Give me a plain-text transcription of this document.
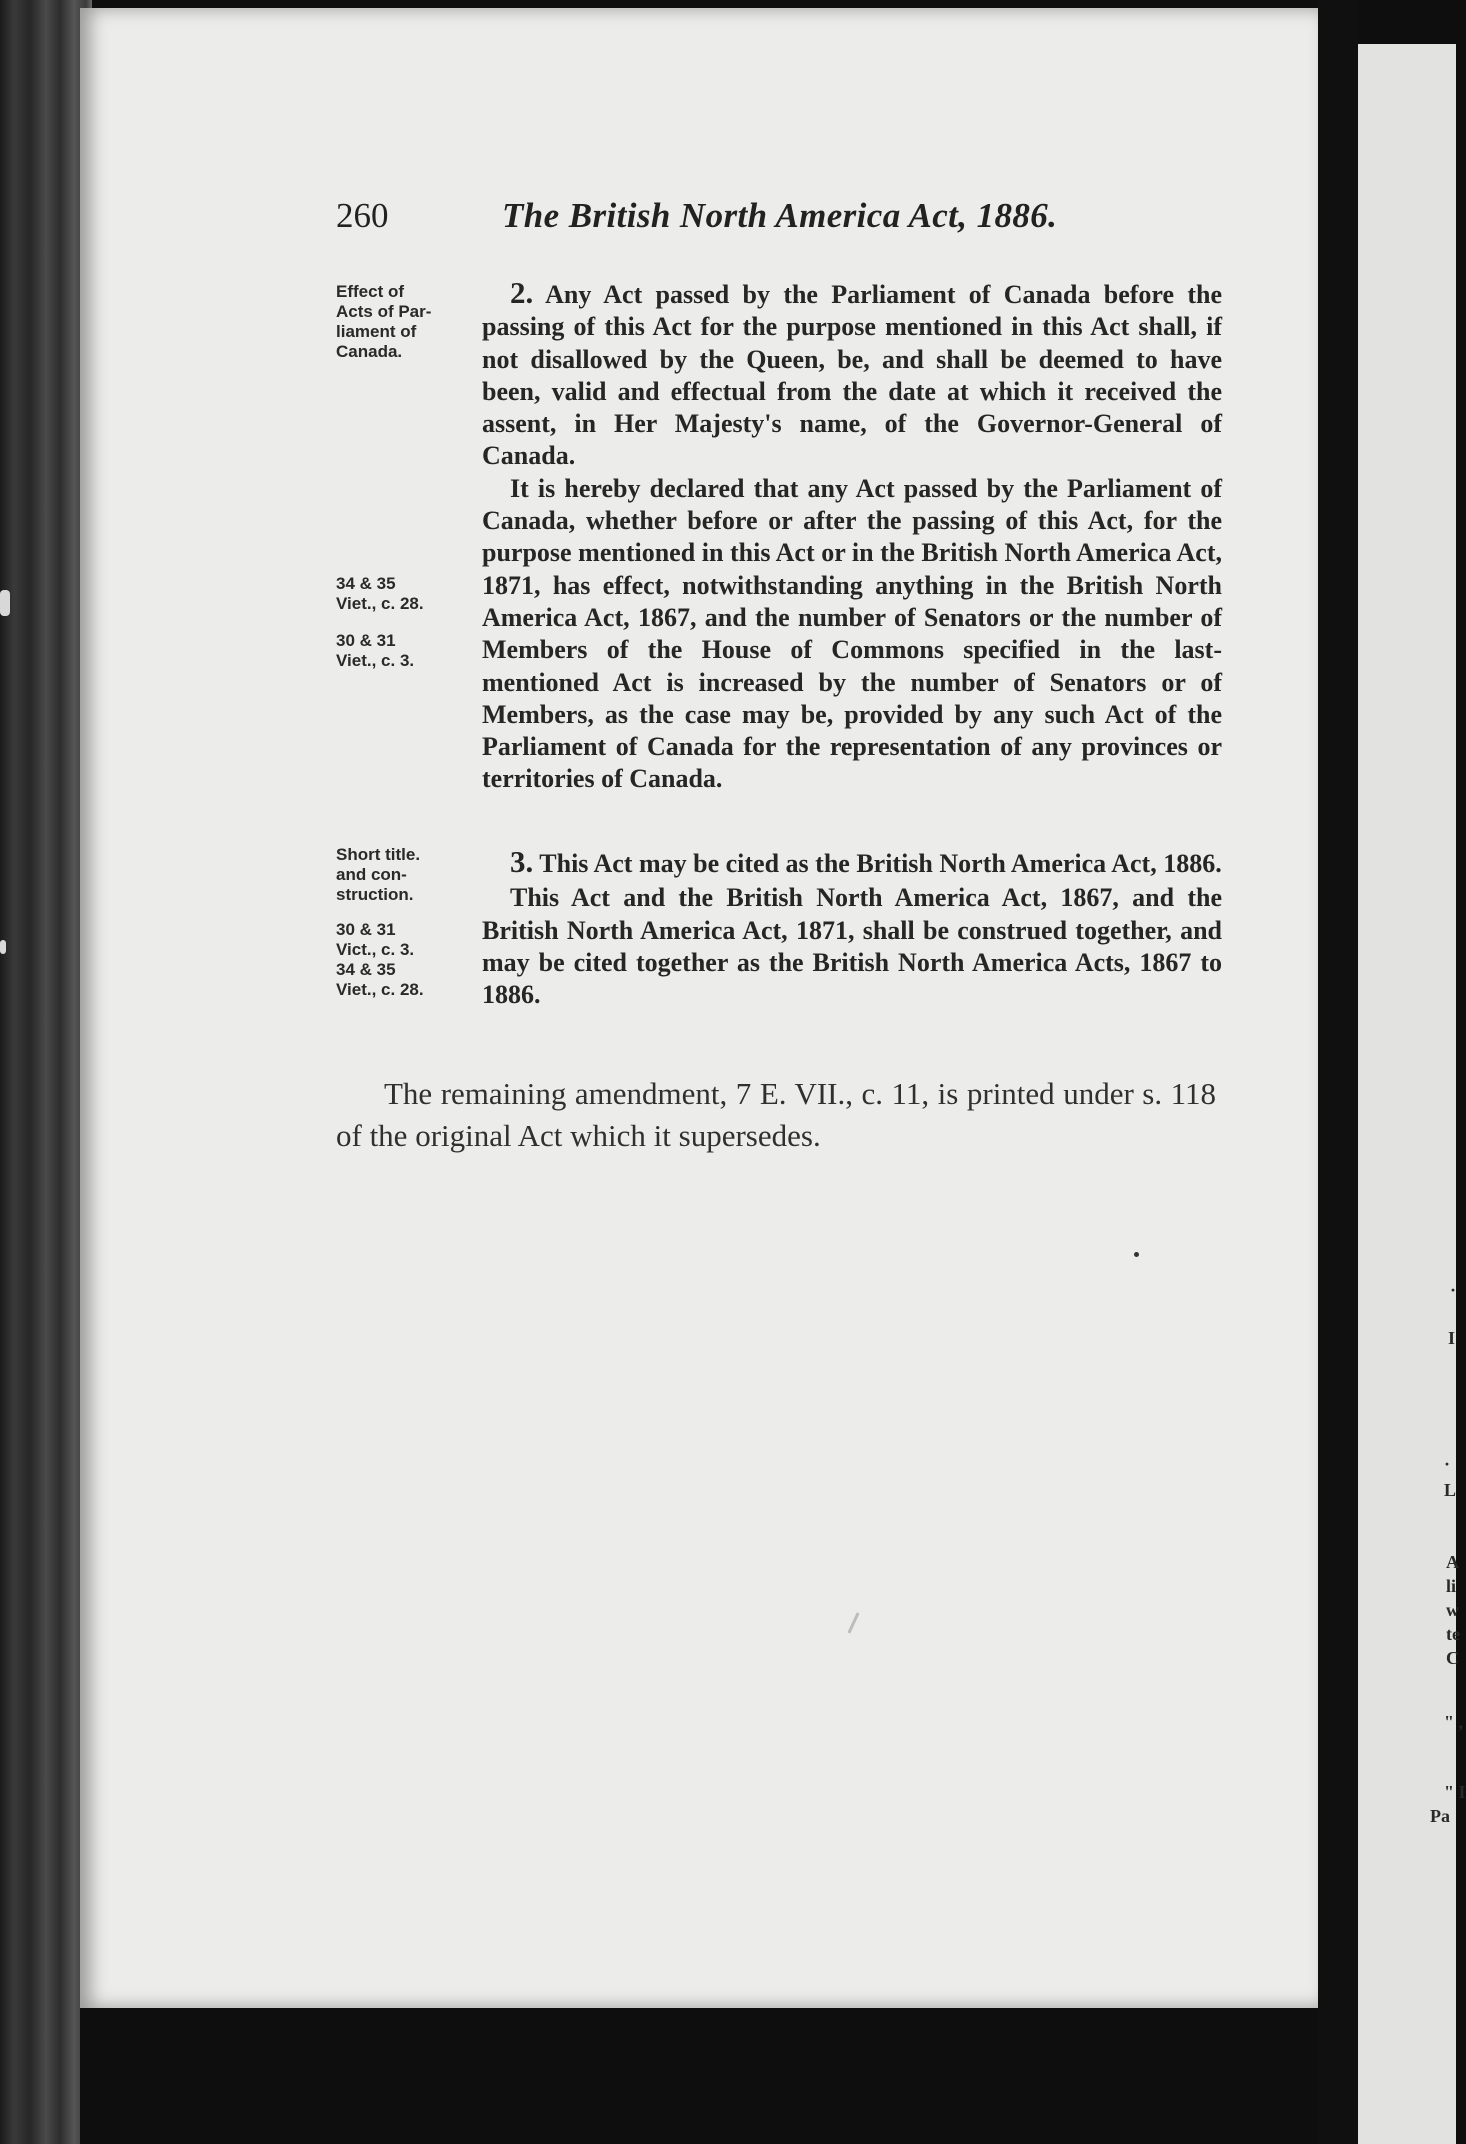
260	The British North America Act, 1886.
Effect of
Acts of Par-
liament of
Canada.
34 & 35
Viet., c. 28.
30 & 31
Viet., c. 3.
Short title.
and con-
struction.
30 & 31
Vict., c. 3.
34 & 35
Viet., c. 28.

2. Any Act passed by the Parliament of Canada before the passing of this Act for the purpose mentioned in this Act shall, if not disallowed by the Queen, be, and shall be deemed to have been, valid and effectual from the date at which it received the assent, in Her Majesty's name, of the Governor-General of Canada.

It is hereby declared that any Act passed by the Parliament of Canada, whether before or after the passing of this Act, for the purpose mentioned in this Act or in the British North America Act, 1871, has effect, notwithstanding anything in the British North America Act, 1867, and the number of Senators or the number of Members of the House of Commons specified in the last-mentioned Act is increased by the number of Senators or of Members, as the case may be, provided by any such Act of the Parliament of Canada for the representation of any provinces or territories of Canada.

3. This Act may be cited as the British North America Act, 1886.

This Act and the British North America Act, 1867, and the British North America Act, 1871, shall be construed together, and may be cited together as the British North America Acts, 1867 to 1886.

The remaining amendment, 7 E. VII., c. 11, is printed under s. 118 of the original Act which it supersedes.
·
I
·
L
A
li
w
te
C
" ,
" I
Pa
